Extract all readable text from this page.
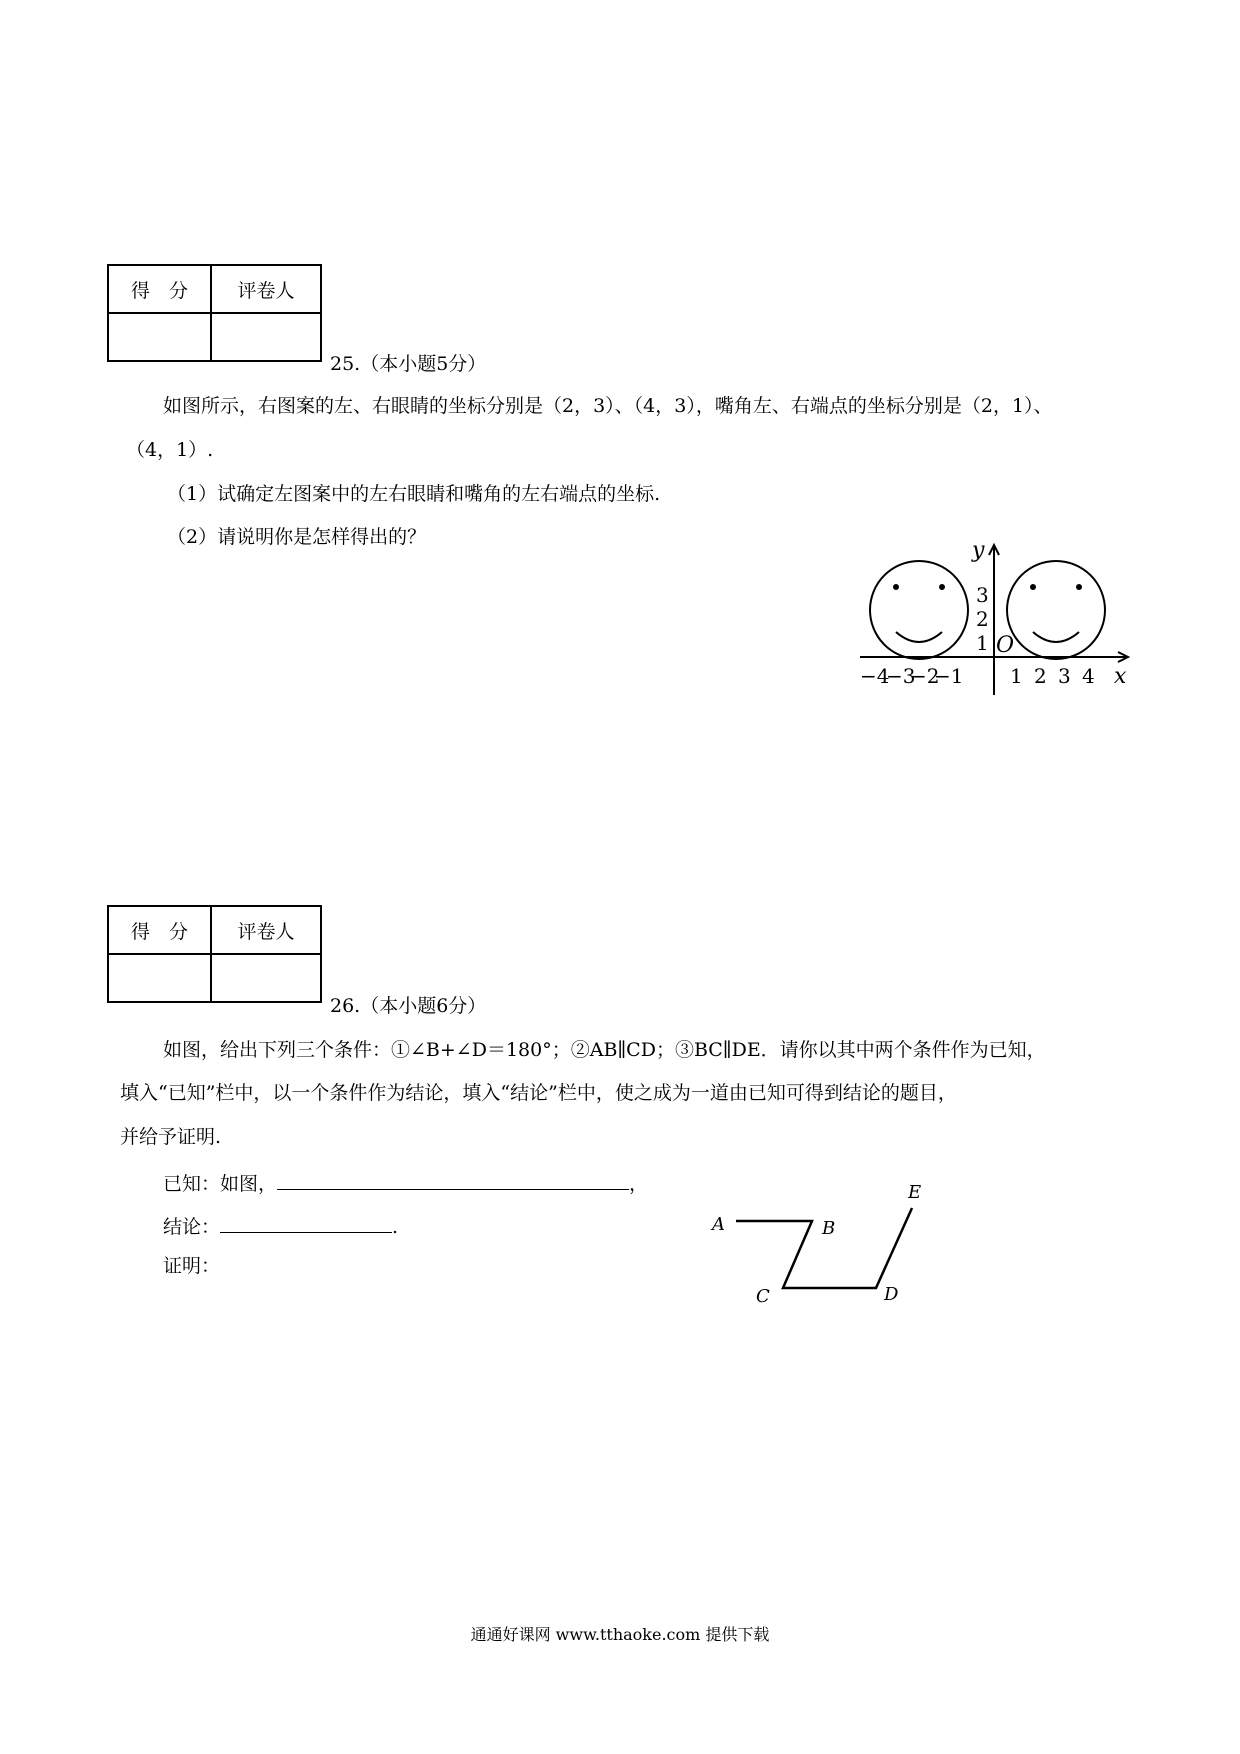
得　分	评卷人

25.（本小题5分）
如图所示，右图案的左、右眼睛的坐标分别是（2，3）、（4，3），嘴角左、右端点的坐标分别是（2，1）、
（4，1）.
（1）试确定左图案中的左右眼睛和嘴角的左右端点的坐标.
（2）请说明你是怎样得出的？
y
x
O
1
2
3
−4
−3
−2
−1 1 2 3 4
得　分	评卷人

26.（本小题6分）
如图，给出下列三个条件：①∠B+∠D＝180°；②AB∥CD；③BC∥DE．请你以其中两个条件作为已知，
填入“已知”栏中，以一个条件作为结论，填入“结论”栏中，使之成为一道由已知可得到结论的题目，
并给予证明.
已知：如图，	，
结论：	.
证明：
A	B
C	D
E
通通好课网 www.tthaoke.com 提供下载
